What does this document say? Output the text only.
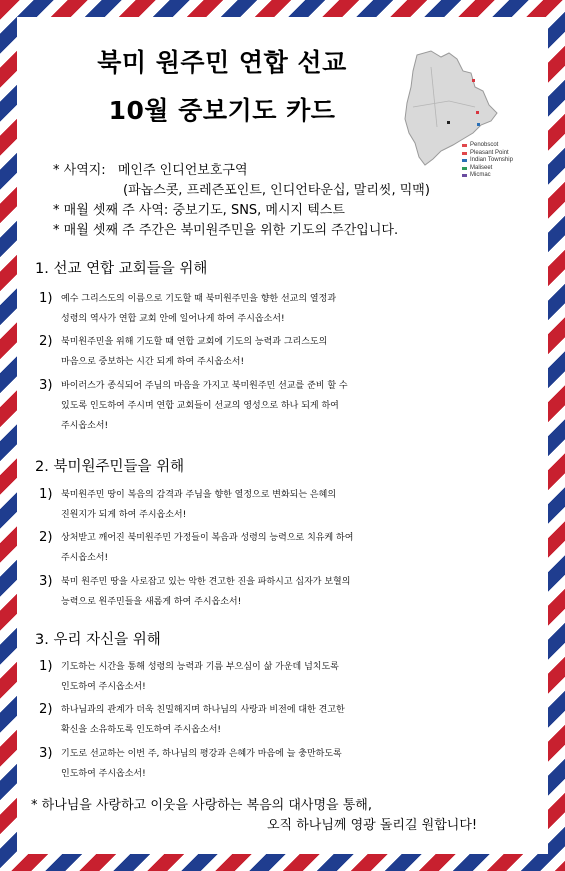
북미 원주민 연합 선교
10월 중보기도 카드
Penobscot
Pleasant Point
Indian Township
Maliseet
Micmac
* 사역지: 메인주 인디언보호구역
(파놉스콧, 프레즌포인트, 인디언타운십, 말리씻, 믹맥)
* 매월 셋째 주 사역: 중보기도, SNS, 메시지 텍스트
* 매월 셋째 주 주간은 북미원주민을 위한 기도의 주간입니다.
1. 선교 연합 교회들을 위해
1) 예수 그리스도의 이름으로 기도할 때 북미원주민을 향한 선교의 열정과
성령의 역사가 연합 교회 안에 일어나게 하여 주시옵소서!
2) 북미원주민을 위해 기도할 때 연합 교회에 기도의 능력과 그리스도의
마음으로 중보하는 시간 되게 하여 주시옵소서!
3) 바이러스가 종식되어 주님의 마음을 가지고 북미원주민 선교를 준비 할 수
있도록 인도하여 주시며 연합 교회들이 선교의 영성으로 하나 되게 하여
주시옵소서!
2. 북미원주민들을 위해
1) 북미원주민 땅이 복음의 감격과 주님을 향한 열정으로 변화되는 은혜의
진원지가 되게 하여 주시옵소서!
2) 상처받고 깨어진 북미원주민 가정들이 복음과 성령의 능력으로 치유케 하여
주시옵소서!
3) 북미 원주민 땅을 사로잡고 있는 악한 견고한 진을 파하시고 십자가 보혈의
능력으로 원주민들을 새롭게 하여 주시옵소서!
3. 우리 자신을 위해
1) 기도하는 시간을 통해 성령의 능력과 기름 부으심이 삶 가운데 넘치도록
인도하여 주시옵소서!
2) 하나님과의 관계가 더욱 친밀해지며 하나님의 사랑과 비전에 대한 견고한
확신을 소유하도록 인도하여 주시옵소서!
3) 기도로 선교하는 이번 주, 하나님의 평강과 은혜가 마음에 늘 충만하도록
인도하여 주시옵소서!
* 하나님을 사랑하고 이웃을 사랑하는 복음의 대사명을 통해,
오직 하나님께 영광 돌리길 원합니다!
